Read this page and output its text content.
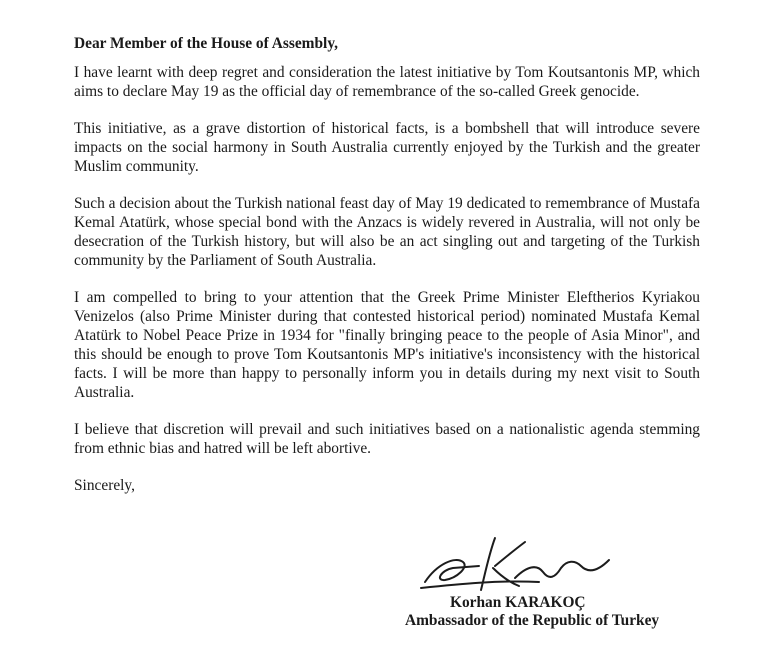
Dear Member of the House of Assembly,

I have learnt with deep regret and consideration the latest initiative by Tom Koutsantonis MP, which aims to declare May 19 as the official day of remembrance of the so-called Greek genocide.

This initiative, as a grave distortion of historical facts, is a bombshell that will introduce severe impacts on the social harmony in South Australia currently enjoyed by the Turkish and the greater Muslim community.

Such a decision about the Turkish national feast day of May 19 dedicated to remembrance of Mustafa Kemal Atatürk, whose special bond with the Anzacs is widely revered in Australia, will not only be desecration of the Turkish history, but will also be an act singling out and targeting of the Turkish community by the Parliament of South Australia.

I am compelled to bring to your attention that the Greek Prime Minister Eleftherios Kyriakou Venizelos (also Prime Minister during that contested historical period) nominated Mustafa Kemal Atatürk to Nobel Peace Prize in 1934 for "finally bringing peace to the people of Asia Minor", and this should be enough to prove Tom Koutsantonis MP's initiative's inconsistency with the historical facts. I will be more than happy to personally inform you in details during my next visit to South Australia.

I believe that discretion will prevail and such initiatives based on a nationalistic agenda stemming from ethnic bias and hatred will be left abortive.

Sincerely,

Korhan KARAKOÇ
Ambassador of the Republic of Turkey
